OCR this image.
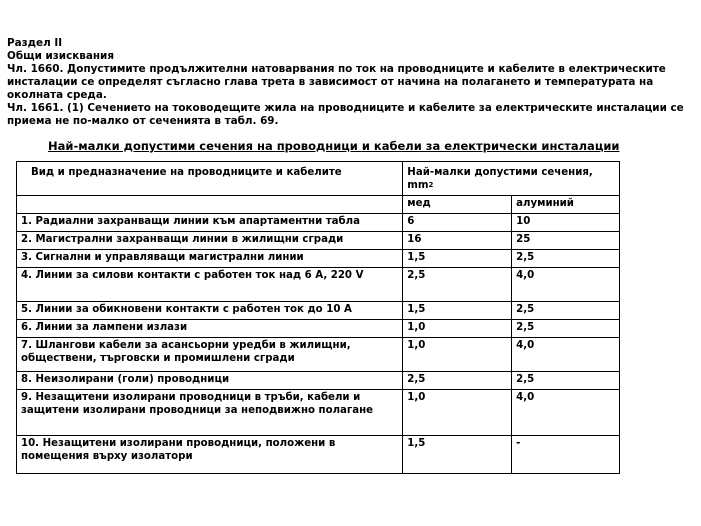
Раздел II

Общи изисквания

Чл. 1660. Допустимите продължителни натоварвания по ток на проводниците и кабелите в електрическите инсталации се определят съгласно глава трета в зависимост от начина на полагането и температурата на околната среда.

Чл. 1661. (1) Сечението на тоководещите жила на проводниците и кабелите за електрическите инсталации се приема не по-малко от сеченията в табл. 69.

Най-малки допустими сечения на проводници и кабели за електрически инсталации
Вид и предназначение на проводниците и кабелите	Най-малки допустими сечения, $mm^2$
	мед	алуминий
1. Радиални захранващи линии към апартаментни табла	6	10
2. Магистрални захранващи линии в жилищни сгради	16	25
3. Сигнални и управляващи магистрални линии	1,5	2,5
4. Линии за силови контакти с работен ток над 6 A, 220 V	2,5	4,0
5. Линии за обикновени контакти с работен ток до 10 A	1,5	2,5
6. Линии за лампени излази	1,0	2,5
7. Шлангови кабели за асансьорни уредби в жилищни, обществени, търговски и промишлени сгради	1,0	4,0
8. Неизолирани (голи) проводници	2,5	2,5
9. Незащитени изолирани проводници в тръби, кабели и защитени изолирани проводници за неподвижно полагане	1,0	4,0
10. Незащитени изолирани проводници, положени в помещения върху изолатори	1,5	-
